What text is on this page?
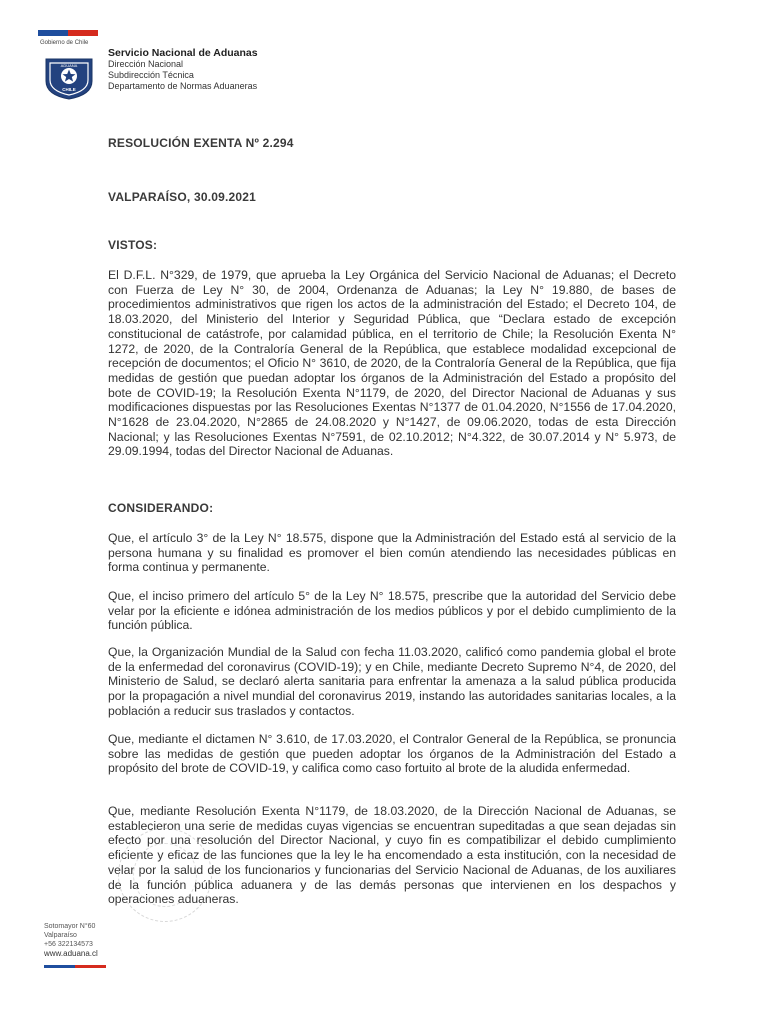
Gobierno de Chile
ADUANA
CHILE
Servicio Nacional de Aduanas
Dirección Nacional
Subdirección Técnica
Departamento de Normas Aduaneras
RESOLUCIÓN EXENTA Nº 2.294
VALPARAÍSO, 30.09.2021
VISTOS:
El D.F.L. N°329, de 1979, que aprueba la Ley Orgánica del Servicio Nacional de Aduanas; el Decreto con Fuerza de Ley N° 30, de 2004, Ordenanza de Aduanas; la Ley N° 19.880, de bases de procedimientos administrativos que rigen los actos de la administración del Estado; el Decreto 104, de 18.03.2020, del Ministerio del Interior y Seguridad Pública, que “Declara estado de excepción constitucional de catástrofe, por calamidad pública, en el territorio de Chile; la Resolución Exenta N° 1272, de 2020, de la Contraloría General de la República, que establece modalidad excepcional de recepción de documentos; el Oficio N° 3610, de 2020, de la Contraloría General de la República, que fija medidas de gestión que puedan adoptar los órganos de la Administración del Estado a propósito del bote de COVID-19; la Resolución Exenta N°1179, de 2020, del Director Nacional de Aduanas y sus modificaciones dispuestas por las Resoluciones Exentas N°1377 de 01.04.2020, N°1556 de 17.04.2020, N°1628 de 23.04.2020, N°2865 de 24.08.2020 y N°1427, de 09.06.2020, todas de esta Dirección Nacional; y las Resoluciones Exentas N°7591, de 02.10.2012; N°4.322, de 30.07.2014 y N° 5.973, de 29.09.1994, todas del Director Nacional de Aduanas.
CONSIDERANDO:
Que, el artículo 3° de la Ley N° 18.575, dispone que la Administración del Estado está al servicio de la persona humana y su finalidad es promover el bien común atendiendo las necesidades públicas en forma continua y permanente.
Que, el inciso primero del artículo 5° de la Ley N° 18.575, prescribe que la autoridad del Servicio debe velar por la eficiente e idónea administración de los medios públicos y por el debido cumplimiento de la función pública.
Que, la Organización Mundial de la Salud con fecha 11.03.2020, calificó como pandemia global el brote de la enfermedad del coronavirus (COVID-19); y en Chile, mediante Decreto Supremo N°4, de 2020, del Ministerio de Salud, se declaró alerta sanitaria para enfrentar la amenaza a la salud pública producida por la propagación a nivel mundial del coronavirus 2019, instando las autoridades sanitarias locales, a la población a reducir sus traslados y contactos.
Que, mediante el dictamen N° 3.610, de 17.03.2020, el Contralor General de la República, se pronuncia sobre las medidas de gestión que pueden adoptar los órganos de la Administración del Estado a propósito del brote de COVID-19, y califica como caso fortuito al brote de la aludida enfermedad.
Que, mediante Resolución Exenta N°1179, de 18.03.2020, de la Dirección Nacional de Aduanas, se establecieron una serie de medidas cuyas vigencias se encuentran supeditadas a que sean dejadas sin efecto por una resolución del Director Nacional, y cuyo fin es compatibilizar el debido cumplimiento eficiente y eficaz de las funciones que la ley le ha encomendado a esta institución, con la necesidad de velar por la salud de los funcionarios y funcionarias del Servicio Nacional de Aduanas, de los auxiliares de la función pública aduanera y de las demás personas que intervienen en los despachos y operaciones aduaneras.
Sotomayor N°60
Valparaíso
+56 322134573
www.aduana.cl
